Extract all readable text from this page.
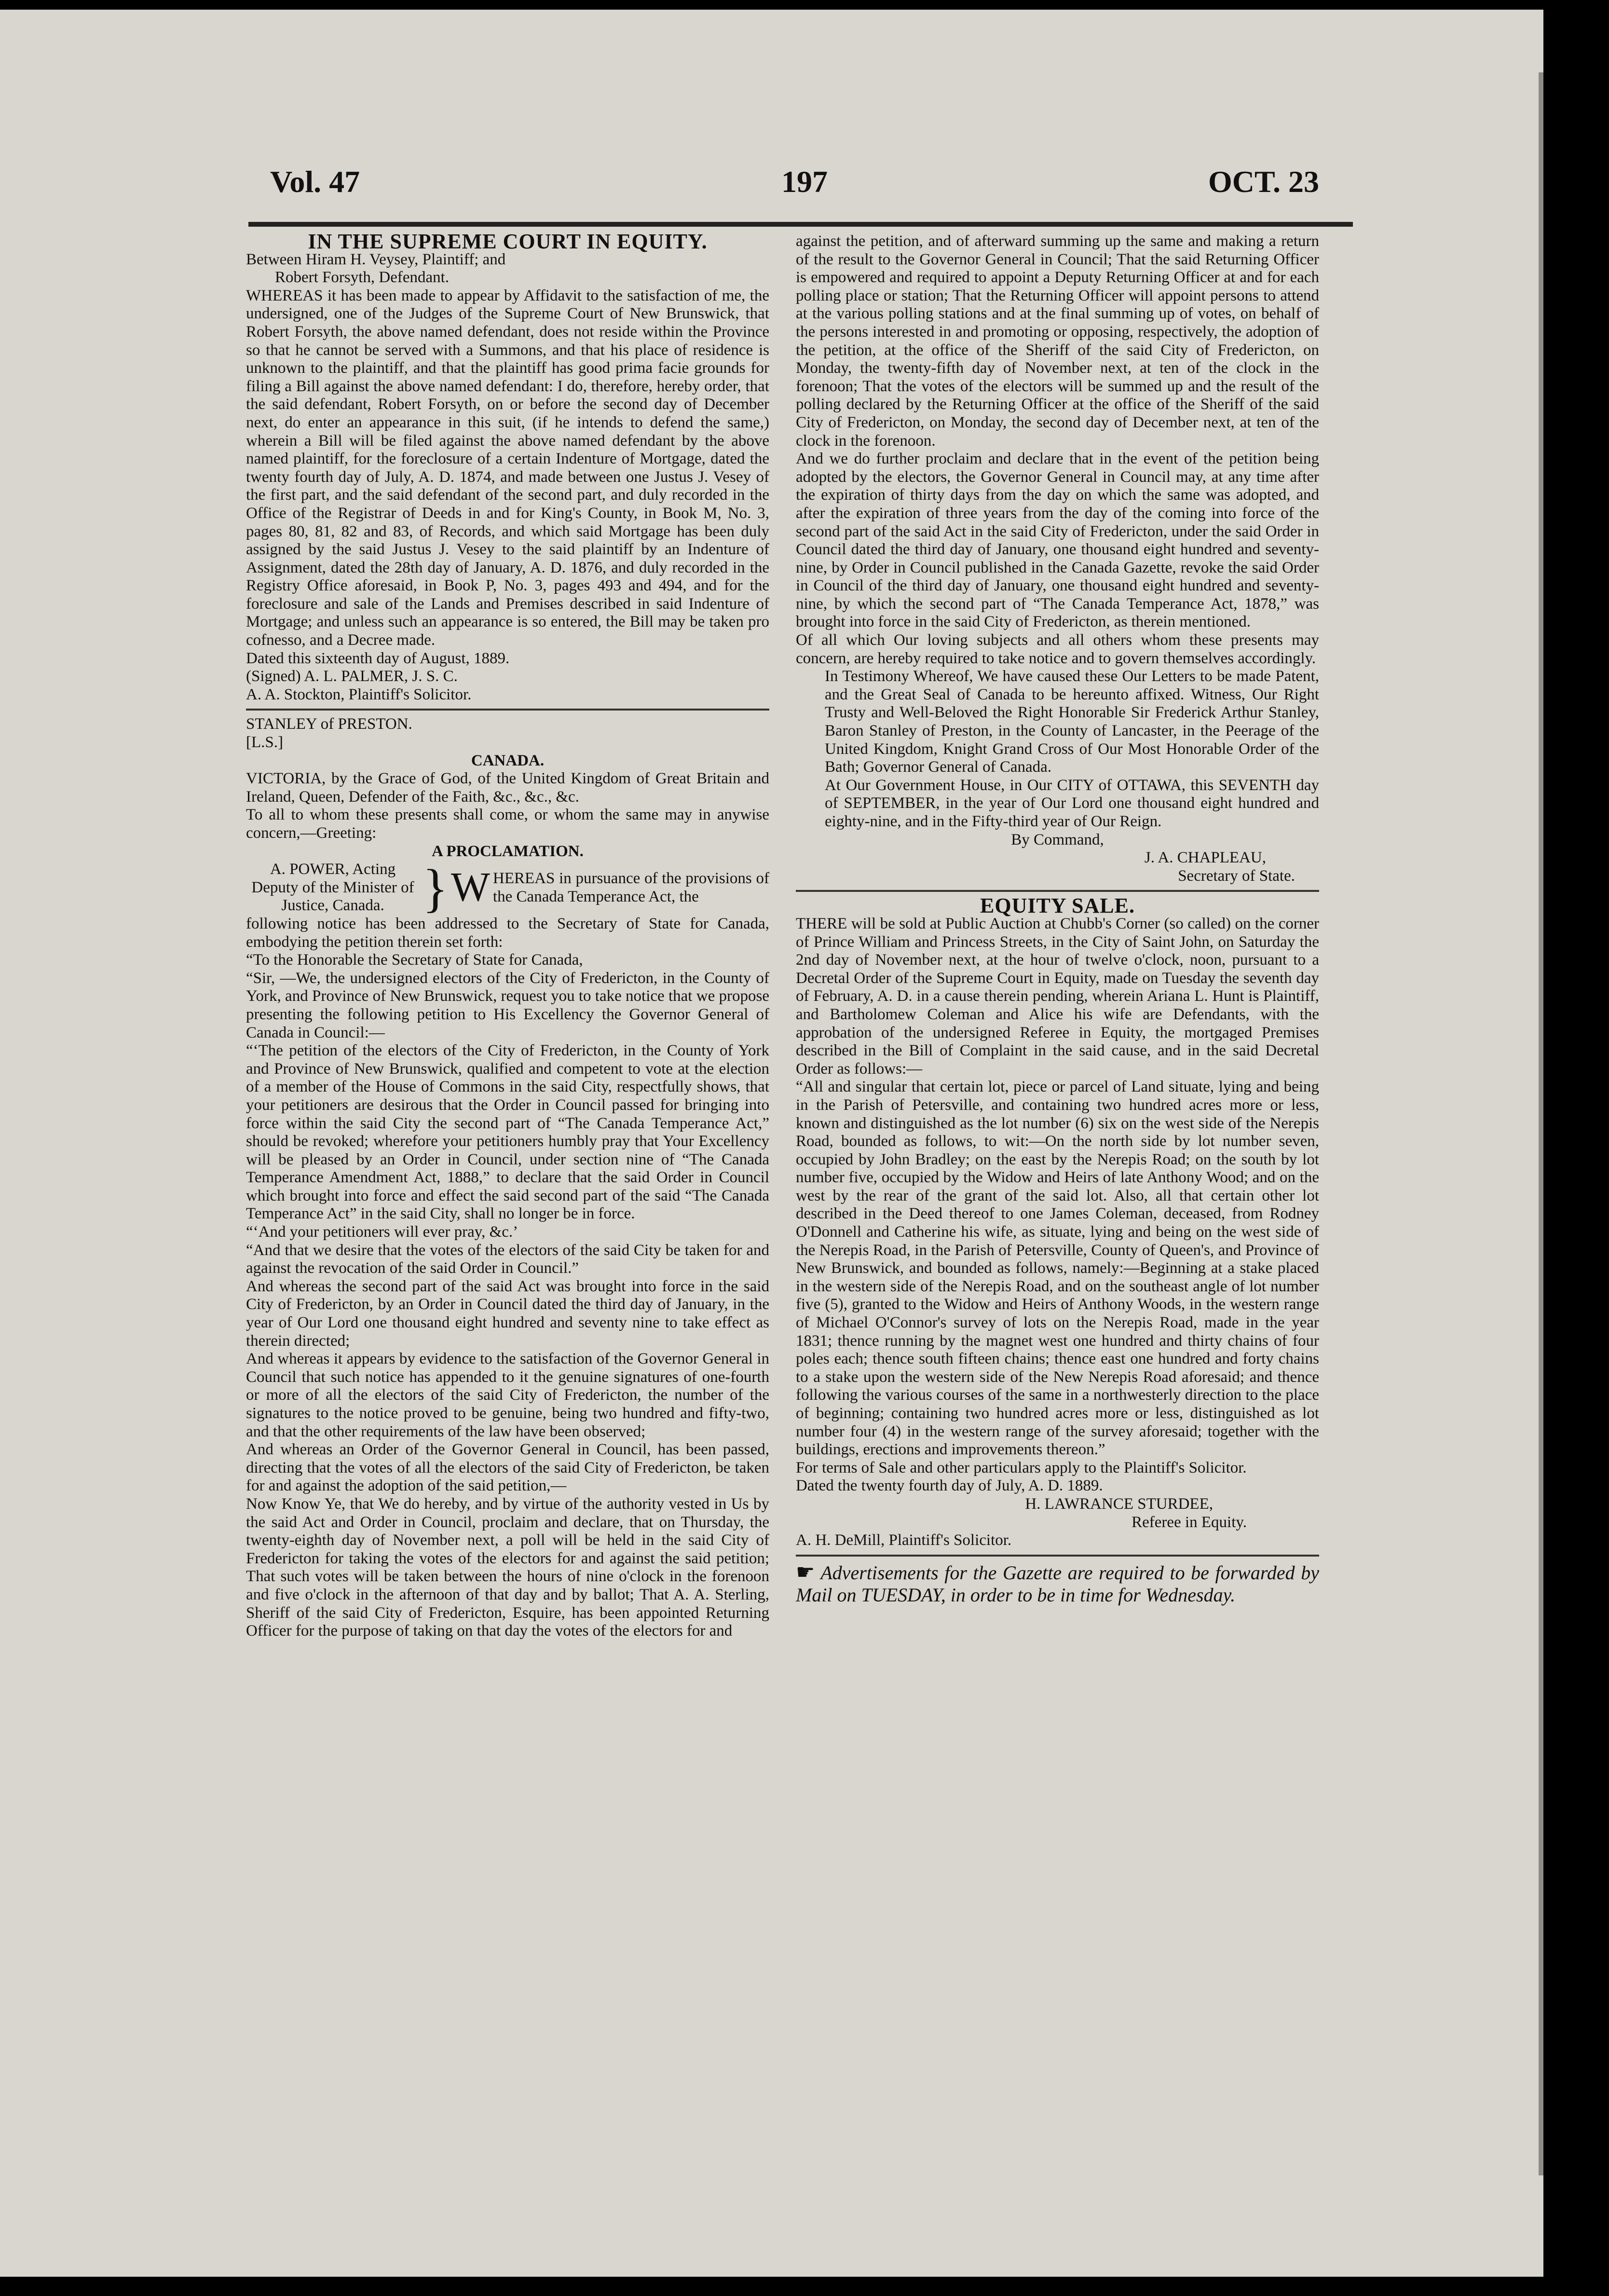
Vol. 47	197	OCT. 23

IN THE SUPREME COURT IN EQUITY.

Between Hiram H. Veysey, Plaintiff; and

Robert Forsyth, Defendant.

WHEREAS it has been made to appear by Affidavit to the satisfaction of me, the undersigned, one of the Judges of the Supreme Court of New Brunswick, that Robert Forsyth, the above named defendant, does not reside within the Province so that he cannot be served with a Summons, and that his place of residence is unknown to the plaintiff, and that the plaintiff has good prima facie grounds for filing a Bill against the above named defendant: I do, therefore, hereby order, that the said defendant, Robert Forsyth, on or before the second day of December next, do enter an appearance in this suit, (if he intends to defend the same,) wherein a Bill will be filed against the above named defendant by the above named plaintiff, for the foreclosure of a certain Indenture of Mortgage, dated the twenty fourth day of July, A. D. 1874, and made between one Justus J. Vesey of the first part, and the said defendant of the second part, and duly recorded in the Office of the Registrar of Deeds in and for King's County, in Book M, No. 3, pages 80, 81, 82 and 83, of Records, and which said Mortgage has been duly assigned by the said Justus J. Vesey to the said plaintiff by an Indenture of Assignment, dated the 28th day of January, A. D. 1876, and duly recorded in the Registry Office aforesaid, in Book P, No. 3, pages 493 and 494, and for the foreclosure and sale of the Lands and Premises described in said Indenture of Mortgage; and unless such an appearance is so entered, the Bill may be taken pro cofnesso, and a Decree made.

Dated this sixteenth day of August, 1889.

(Signed) A. L. PALMER, J. S. C.

A. A. Stockton, Plaintiff's Solicitor.

STANLEY of PRESTON.

[L.S.]

CANADA.

VICTORIA, by the Grace of God, of the United Kingdom of Great Britain and Ireland, Queen, Defender of the Faith, &c., &c., &c.

To all to whom these presents shall come, or whom the same may in anywise concern,—Greeting:

A PROCLAMATION.

A. POWER, Acting Deputy of the Minister of Justice, Canada. } WHEREAS in pursuance of the provisions of the Canada Temperance Act, the

following notice has been addressed to the Secretary of State for Canada, embodying the petition therein set forth:

“To the Honorable the Secretary of State for Canada,

“Sir, —We, the undersigned electors of the City of Fredericton, in the County of York, and Province of New Brunswick, request you to take notice that we propose presenting the following petition to His Excellency the Governor General of Canada in Council:—

“‘The petition of the electors of the City of Fredericton, in the County of York and Province of New Brunswick, qualified and competent to vote at the election of a member of the House of Commons in the said City, respectfully shows, that your petitioners are desirous that the Order in Council passed for bringing into force within the said City the second part of “The Canada Temperance Act,” should be revoked; wherefore your petitioners humbly pray that Your Excellency will be pleased by an Order in Council, under section nine of “The Canada Temperance Amendment Act, 1888,” to declare that the said Order in Council which brought into force and effect the said second part of the said “The Canada Temperance Act” in the said City, shall no longer be in force.

“‘And your petitioners will ever pray, &c.’

“And that we desire that the votes of the electors of the said City be taken for and against the revocation of the said Order in Council.”

And whereas the second part of the said Act was brought into force in the said City of Fredericton, by an Order in Council dated the third day of January, in the year of Our Lord one thousand eight hundred and seventy nine to take effect as therein directed;

And whereas it appears by evidence to the satisfaction of the Governor General in Council that such notice has appended to it the genuine signatures of one-fourth or more of all the electors of the said City of Fredericton, the number of the signatures to the notice proved to be genuine, being two hundred and fifty-two, and that the other requirements of the law have been observed;

And whereas an Order of the Governor General in Council, has been passed, directing that the votes of all the electors of the said City of Fredericton, be taken for and against the adoption of the said petition,—

Now Know Ye, that We do hereby, and by virtue of the authority vested in Us by the said Act and Order in Council, proclaim and declare, that on Thursday, the twenty-eighth day of November next, a poll will be held in the said City of Fredericton for taking the votes of the electors for and against the said petition; That such votes will be taken between the hours of nine o'clock in the forenoon and five o'clock in the afternoon of that day and by ballot; That A. A. Sterling, Sheriff of the said City of Fredericton, Esquire, has been appointed Returning Officer for the purpose of taking on that day the votes of the electors for and

against the petition, and of afterward summing up the same and making a return of the result to the Governor General in Council; That the said Returning Officer is empowered and required to appoint a Deputy Returning Officer at and for each polling place or station; That the Returning Officer will appoint persons to attend at the various polling stations and at the final summing up of votes, on behalf of the persons interested in and promoting or opposing, respectively, the adoption of the petition, at the office of the Sheriff of the said City of Fredericton, on Monday, the twenty-fifth day of November next, at ten of the clock in the forenoon; That the votes of the electors will be summed up and the result of the polling declared by the Returning Officer at the office of the Sheriff of the said City of Fredericton, on Monday, the second day of December next, at ten of the clock in the forenoon.

And we do further proclaim and declare that in the event of the petition being adopted by the electors, the Governor General in Council may, at any time after the expiration of thirty days from the day on which the same was adopted, and after the expiration of three years from the day of the coming into force of the second part of the said Act in the said City of Fredericton, under the said Order in Council dated the third day of January, one thousand eight hundred and seventy-nine, by Order in Council published in the Canada Gazette, revoke the said Order in Council of the third day of January, one thousand eight hundred and seventy-nine, by which the second part of “The Canada Temperance Act, 1878,” was brought into force in the said City of Fredericton, as therein mentioned.

Of all which Our loving subjects and all others whom these presents may concern, are hereby required to take notice and to govern themselves accordingly.

In Testimony Whereof, We have caused these Our Letters to be made Patent, and the Great Seal of Canada to be hereunto affixed. Witness, Our Right Trusty and Well-Beloved the Right Honorable Sir Frederick Arthur Stanley, Baron Stanley of Preston, in the County of Lancaster, in the Peerage of the United Kingdom, Knight Grand Cross of Our Most Honorable Order of the Bath; Governor General of Canada.

At Our Government House, in Our CITY of OTTAWA, this SEVENTH day of SEPTEMBER, in the year of Our Lord one thousand eight hundred and eighty-nine, and in the Fifty-third year of Our Reign.

By Command,

J. A. CHAPLEAU,

Secretary of State.

EQUITY SALE.

THERE will be sold at Public Auction at Chubb's Corner (so called) on the corner of Prince William and Princess Streets, in the City of Saint John, on Saturday the 2nd day of November next, at the hour of twelve o'clock, noon, pursuant to a Decretal Order of the Supreme Court in Equity, made on Tuesday the seventh day of February, A. D. in a cause therein pending, wherein Ariana L. Hunt is Plaintiff, and Bartholomew Coleman and Alice his wife are Defendants, with the approbation of the undersigned Referee in Equity, the mortgaged Premises described in the Bill of Complaint in the said cause, and in the said Decretal Order as follows:—

“All and singular that certain lot, piece or parcel of Land situate, lying and being in the Parish of Petersville, and containing two hundred acres more or less, known and distinguished as the lot number (6) six on the west side of the Nerepis Road, bounded as follows, to wit:—On the north side by lot number seven, occupied by John Bradley; on the east by the Nerepis Road; on the south by lot number five, occupied by the Widow and Heirs of late Anthony Wood; and on the west by the rear of the grant of the said lot. Also, all that certain other lot described in the Deed thereof to one James Coleman, deceased, from Rodney O'Donnell and Catherine his wife, as situate, lying and being on the west side of the Nerepis Road, in the Parish of Petersville, County of Queen's, and Province of New Brunswick, and bounded as follows, namely:—Beginning at a stake placed in the western side of the Nerepis Road, and on the southeast angle of lot number five (5), granted to the Widow and Heirs of Anthony Woods, in the western range of Michael O'Connor's survey of lots on the Nerepis Road, made in the year 1831; thence running by the magnet west one hundred and thirty chains of four poles each; thence south fifteen chains; thence east one hundred and forty chains to a stake upon the western side of the New Nerepis Road aforesaid; and thence following the various courses of the same in a northwesterly direction to the place of beginning; containing two hundred acres more or less, distinguished as lot number four (4) in the western range of the survey aforesaid; together with the buildings, erections and improvements thereon.”

For terms of Sale and other particulars apply to the Plaintiff's Solicitor.

Dated the twenty fourth day of July, A. D. 1889.

H. LAWRANCE STURDEE,

Referee in Equity.

A. H. DeMill, Plaintiff's Solicitor.

☛ Advertisements for the Gazette are required to be forwarded by Mail on TUESDAY, in order to be in time for Wednesday.
